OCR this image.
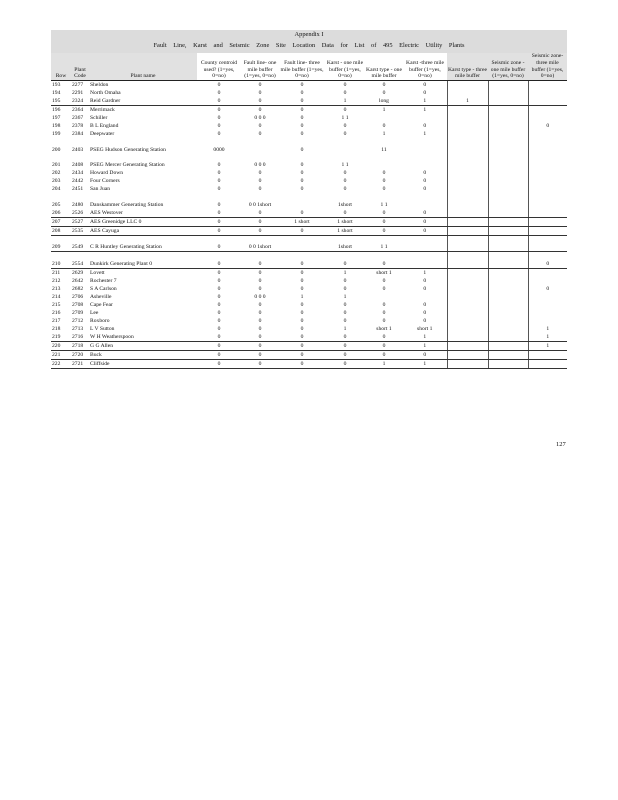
Appendix I
Fault Line, Karst and Seismic Zone Site Location Data for List of 495 Electric Utility Plants
Row	Plant Code	Plant name	County centroid used? (1=yes, 0=no)	Fault line- one mile buffer (1=yes, 0=no)	Fault line- three mile buffer (1=yes, 0=no)	Karst - one mile buffer (1=yes, 0=no)	Karst type - one mile buffer	Karst -three mile buffer (1=yes, 0=no)	Karst type - three mile buffer	Seismic zone - one mile buffer (1=yes, 0=no)	Seismic zone- three mile buffer (1=yes, 0=no)
193	2277	Sheldon	0	0	0	0	0	0			
194	2291	North Omaha	0	0	0	0	0	0			
195	2324	Reid Gardner	0	0	0	1	long	1	1		
196	2364	Merrimack	0	0	0	0	1	1			
197	2367	Schiller	0	0 0 0	0	1 1					
198	2378	B L England	0	0	0	0	0	0			0
199	2384	Deepwater	0	0	0	0	1	1			
200	2403	PSEG Hudson Generating Station	0000		0		11				
201	2408	PSEG Mercer Generating Station	0	0 0 0	0	1 1					
202	2434	Howard Down	0	0	0	0	0	0			
203	2442	Four Corners	0	0	0	0	0	0			
204	2451	San Juan	0	0	0	0	0	0			
205	2480	Danskammer Generating Station	0	0 0 1short		1short	1 1				
206	2526	AES Westover	0	0	0	0	0	0			
207	2527	AES Greenidge LLC 0	0	0	1 short	1 short	0	0			
208	2535	AES Cayuga	0	0	0	1 short	0	0			
209	2549	C R Huntley Generating Station	0	0 0 1short		1short	1 1				
210	2554	Dunkirk Generating Plant 0	0	0	0	0	0				0
211	2629	Lovett	0	0	0	1	short 1	1			
212	2642	Rochester 7	0	0	0	0	0	0			
213	2682	S A Carlson	0	0	0	0	0	0			0
214	2706	Asheville	0	0 0 0	1	1					
215	2708	Cape Fear	0	0	0	0	0	0			
216	2709	Lee	0	0	0	0	0	0			
217	2712	Roxboro	0	0	0	0	0	0			
218	2713	L V Sutton	0	0	0	1	short 1	short 1			1
219	2716	W H Weatherspoon	0	0	0	0	0	1			1
220	2718	G G Allen	0	0	0	0	0	1			1
221	2720	Buck	0	0	0	0	0	0			
222	2721	Cliffside	0	0	0	0	1	1			
127
